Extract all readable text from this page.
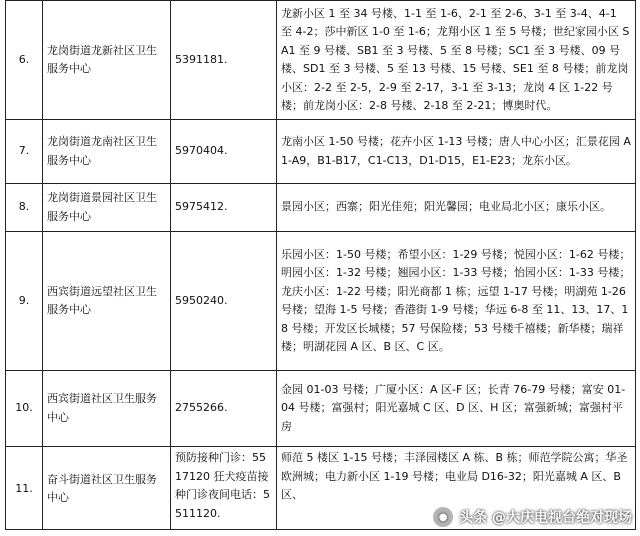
6.	龙岗街道龙新社区卫生服务中心	5391181.	龙新小区 1 至 34 号楼、1-1 至 1-6、2-1 至 2-6、3-1 至 3-4、4-1 至 4-2；莎中新区 1-0 至 1-6；龙翔小区 1 至 5 号楼；世纪家园小区 SA1 至 9 号楼、SB1 至 3 号楼、5 至 8 号楼；SC1 至 3 号楼、09 号楼、SD1 至 3 号楼、5 至 13 号楼、15 号楼、SE1 至 8 号楼；前龙岗小区：2-2 至 2-5，2-9 至 2-17，3-1 至 3-13；龙岗 4 区 1-22 号楼；前龙岗小区：2-8 号楼、2-18 至 2-21；博奥时代。
7.	龙岗街道龙南社区卫生服务中心	5970404.	龙南小区 1-50 号楼；花卉小区 1-13 号楼；唐人中心小区；汇景花园 A1-A9，B1-B17，C1-C13，D1-D15，E1-E23；龙东小区。
8.	龙岗街道景园社区卫生服务中心	5975412.	景园小区；西寨；阳光佳苑；阳光馨园；电业局北小区；康乐小区。
9.	西宾街道远望社区卫生服务中心	5950240.	乐园小区：1-50 号楼；希望小区：1-29 号楼；悦园小区：1-62 号楼；明园小区：1-32 号楼；翘园小区：1-33 号楼；怡园小区：1-33 号楼；龙庆小区：1-22 号楼；阳光商都 1 栋；远望 1-17 号楼；明湖苑 1-26 号楼；望海 1-5 号楼；香港街 1-9 号楼；华远 6-8 至 11、13、17、18 号楼；开发区长城楼；57 号保险楼；53 号楼千禧楼；新华楼；瑞祥楼；明湖花园 A 区、B 区、C 区。
10.	西宾街道社区卫生服务中心	2755266.	金园 01-03 号楼；广厦小区：A 区-F 区；长青 76-79 号楼；富安 01-04 号楼；富强村；阳光嘉城 C 区、D 区、H 区；富强新城；富强村平房
11.	奋斗街道社区卫生服务中心	预防接种门诊：5517120 狂犬疫苗接种门诊夜间电话：5511120.	师范 5 楼区 1-15 号楼；丰泽园楼区 A 栋、B 栋；师范学院公寓；华圣欧洲城；电力新小区 1-19 号楼；电业局 D16-32；阳光嘉城 A 区、B 区、
● 头条 @大庆电视台绝对现场
